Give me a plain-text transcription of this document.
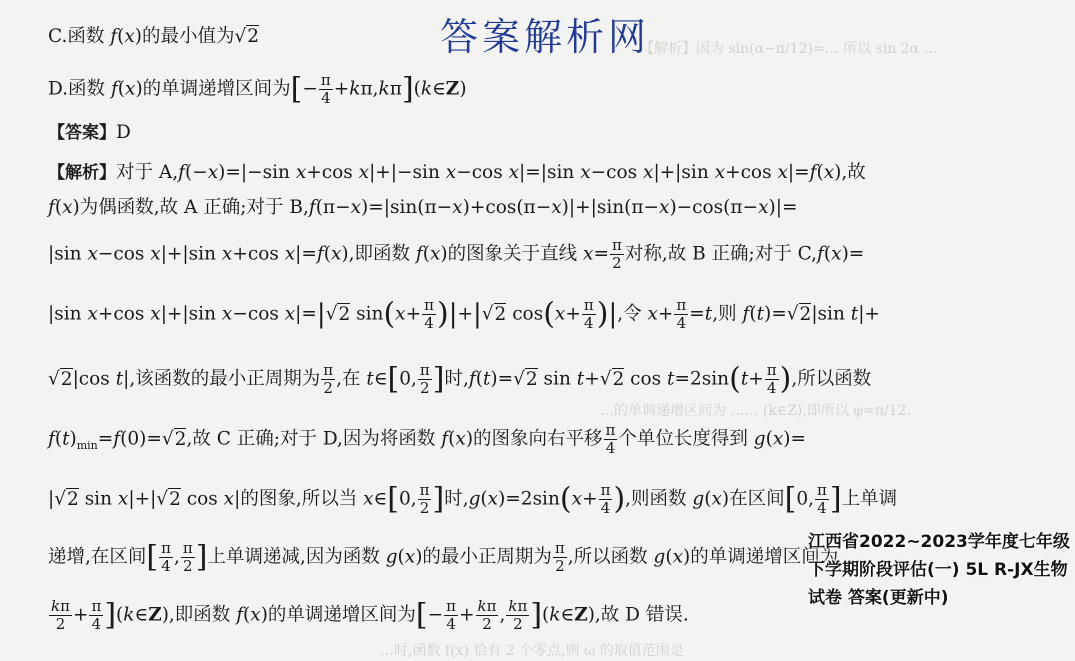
【解析】因为 sin(α−π/12)=… 所以 sin 2α …
…的单调递增区间为 …… (k∈Z),即所以 φ=π/12.
…时,函数 f(x) 恰有 2 个零点,则 ω 的取值范围是
答案解析网
C.函数 f(x)的最小值为√2
D.函数 f(x)的单调递增区间为[− $\frac{\pi}{4}$ +kπ,kπ](k∈Z)
【答案】D
【解析】对于 A,f(−x)=|−sin x+cos x|+|−sin x−cos x|=|sin x−cos x|+|sin x+cos x|=f(x),故
f(x)为偶函数,故 A 正确;对于 B,f(π−x)=|sin(π−x)+cos(π−x)|+|sin(π−x)−cos(π−x)|=
|sin x−cos x|+|sin x+cos x|=f(x),即函数 f(x)的图象关于直线 $x= \frac{\pi}{2}$ 对称,故 B 正确;对于 C,f(x)=
|sin x+cos x|+|sin x−cos x|=|√2 $\sin(x+ \frac{\pi}{4} )|+|√2$ $\cos(x+ \frac{\pi}{4}$ )|,令 $x+ \frac{\pi}{4} =t$,则 f(t)=√2|sin t|+
√2|cos t|,该函数的最小正周期为 $\frac{\pi}{2}$ ,在 t∈[0, $\frac{\pi}{2}$ ]时,f(t)=√2 sin t+√2 $\cos t=2\sin(t+ \frac{\pi}{4}$ ),所以函数
$f(t)_{min}=f(0)=√2$,故 C 正确;对于 D,因为将函数 f(x)的图象向右平移 $\frac{\pi}{4}$ 个单位长度得到 g(x)=
|√2 sin x|+|√2 cos x|的图象,所以当 x∈[0, $\frac{\pi}{2}$ ]时$,g(x)=2\sin(x+ \frac{\pi}{4}$ ),则函数 g(x)在区间[0, $\frac{\pi}{4}$ ]上单调
递增,在区间[ $\frac{\pi}{4}$ , $\frac{\pi}{2}$ ]上单调递减,因为函数 g(x)的最小正周期为 $\frac{\pi}{2}$ ,所以函数 g(x)的单调递增区间为
$\frac{k\pi}{2} + \frac{\pi}{4}$ ](k∈Z),即函数 f(x)的单调递增区间为[− $\frac{\pi}{4} + \frac{k\pi}{2}$ , $\frac{k\pi}{2}$ ](k∈Z),故 D 错误.
江西省2022~2023学年度七年级下学期阶段评估(一) 5L R-JX生物试卷 答案(更新中)
